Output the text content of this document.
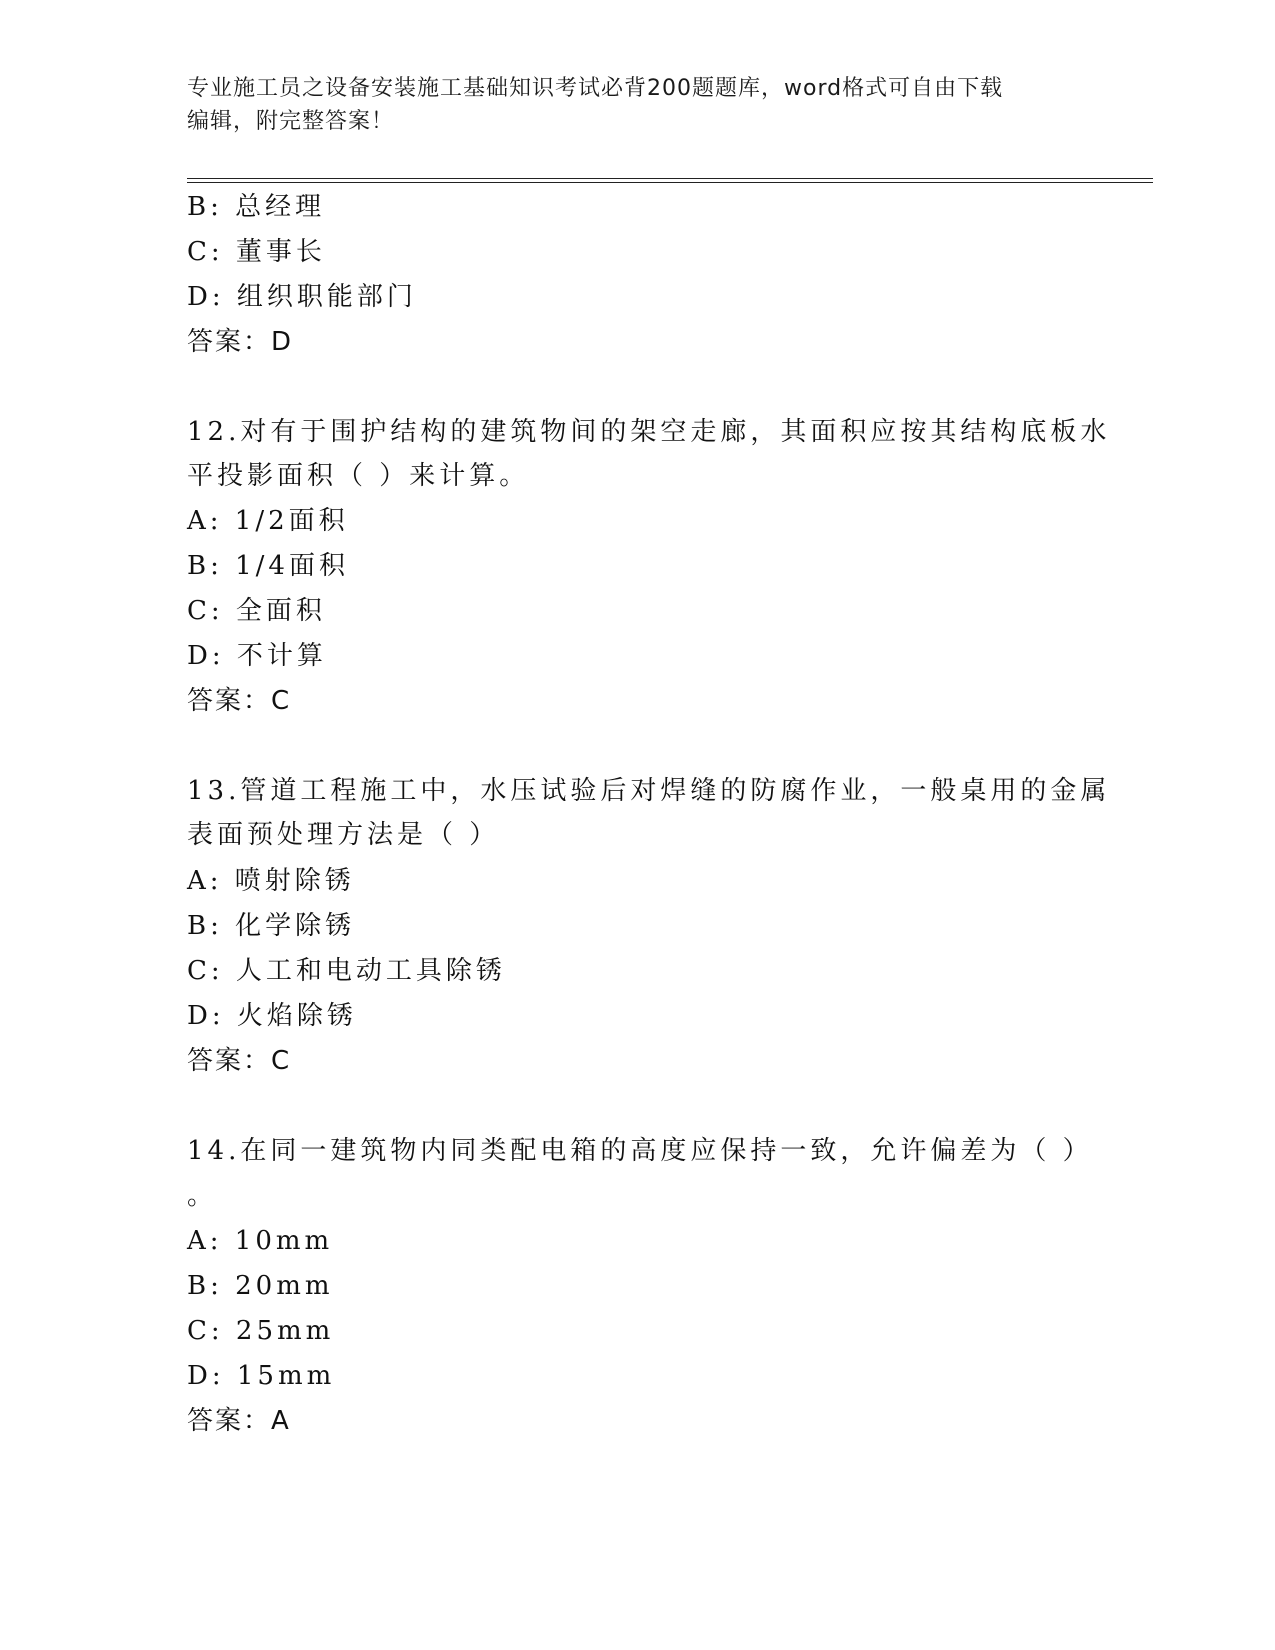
专业施工员之设备安装施工基础知识考试必背200题题库，word格式可自由下载
编辑，附完整答案！
B: 总经理
C: 董事长
D: 组织职能部门
答案：D
12.对有于围护结构的建筑物间的架空走廊，其面积应按其结构底板水
平投影面积（ ）来计算。
A: 1/2面积
B: 1/4面积
C: 全面积
D: 不计算
答案：C
13.管道工程施工中，水压试验后对焊缝的防腐作业，一般桌用的金属
表面预处理方法是（ ）
A: 喷射除锈
B: 化学除锈
C: 人工和电动工具除锈
D: 火焰除锈
答案：C
14.在同一建筑物内同类配电箱的高度应保持一致，允许偏差为（ ）
。
A: 10mm
B: 20mm
C: 25mm
D: 15mm
答案：A
